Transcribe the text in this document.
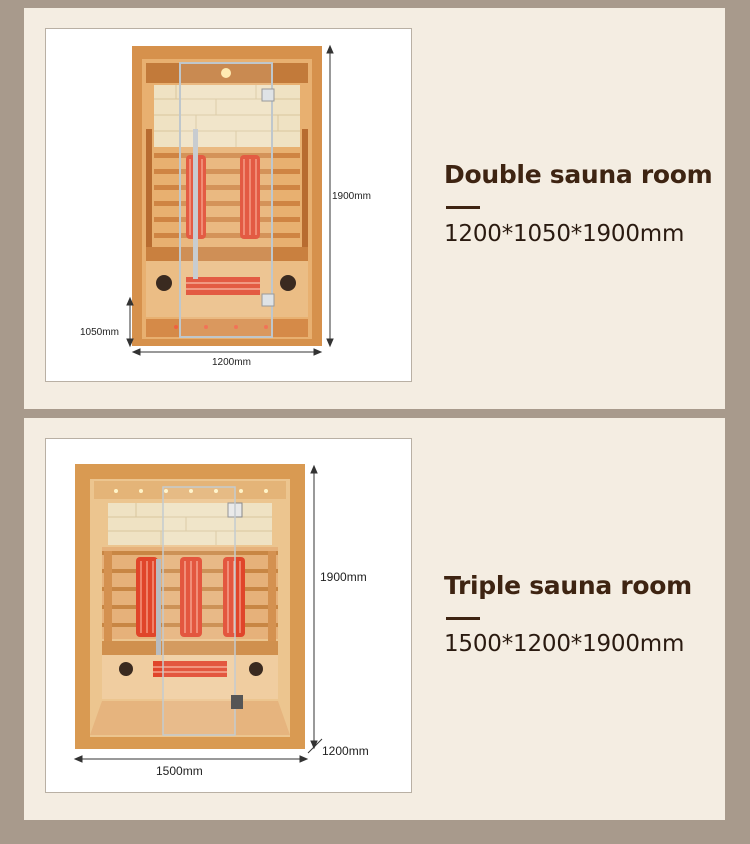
1900mm
1050mm
1200mm
Double sauna room
1200*1050*1900mm
1900mm
1200mm
1500mm
Triple sauna room
1500*1200*1900mm
